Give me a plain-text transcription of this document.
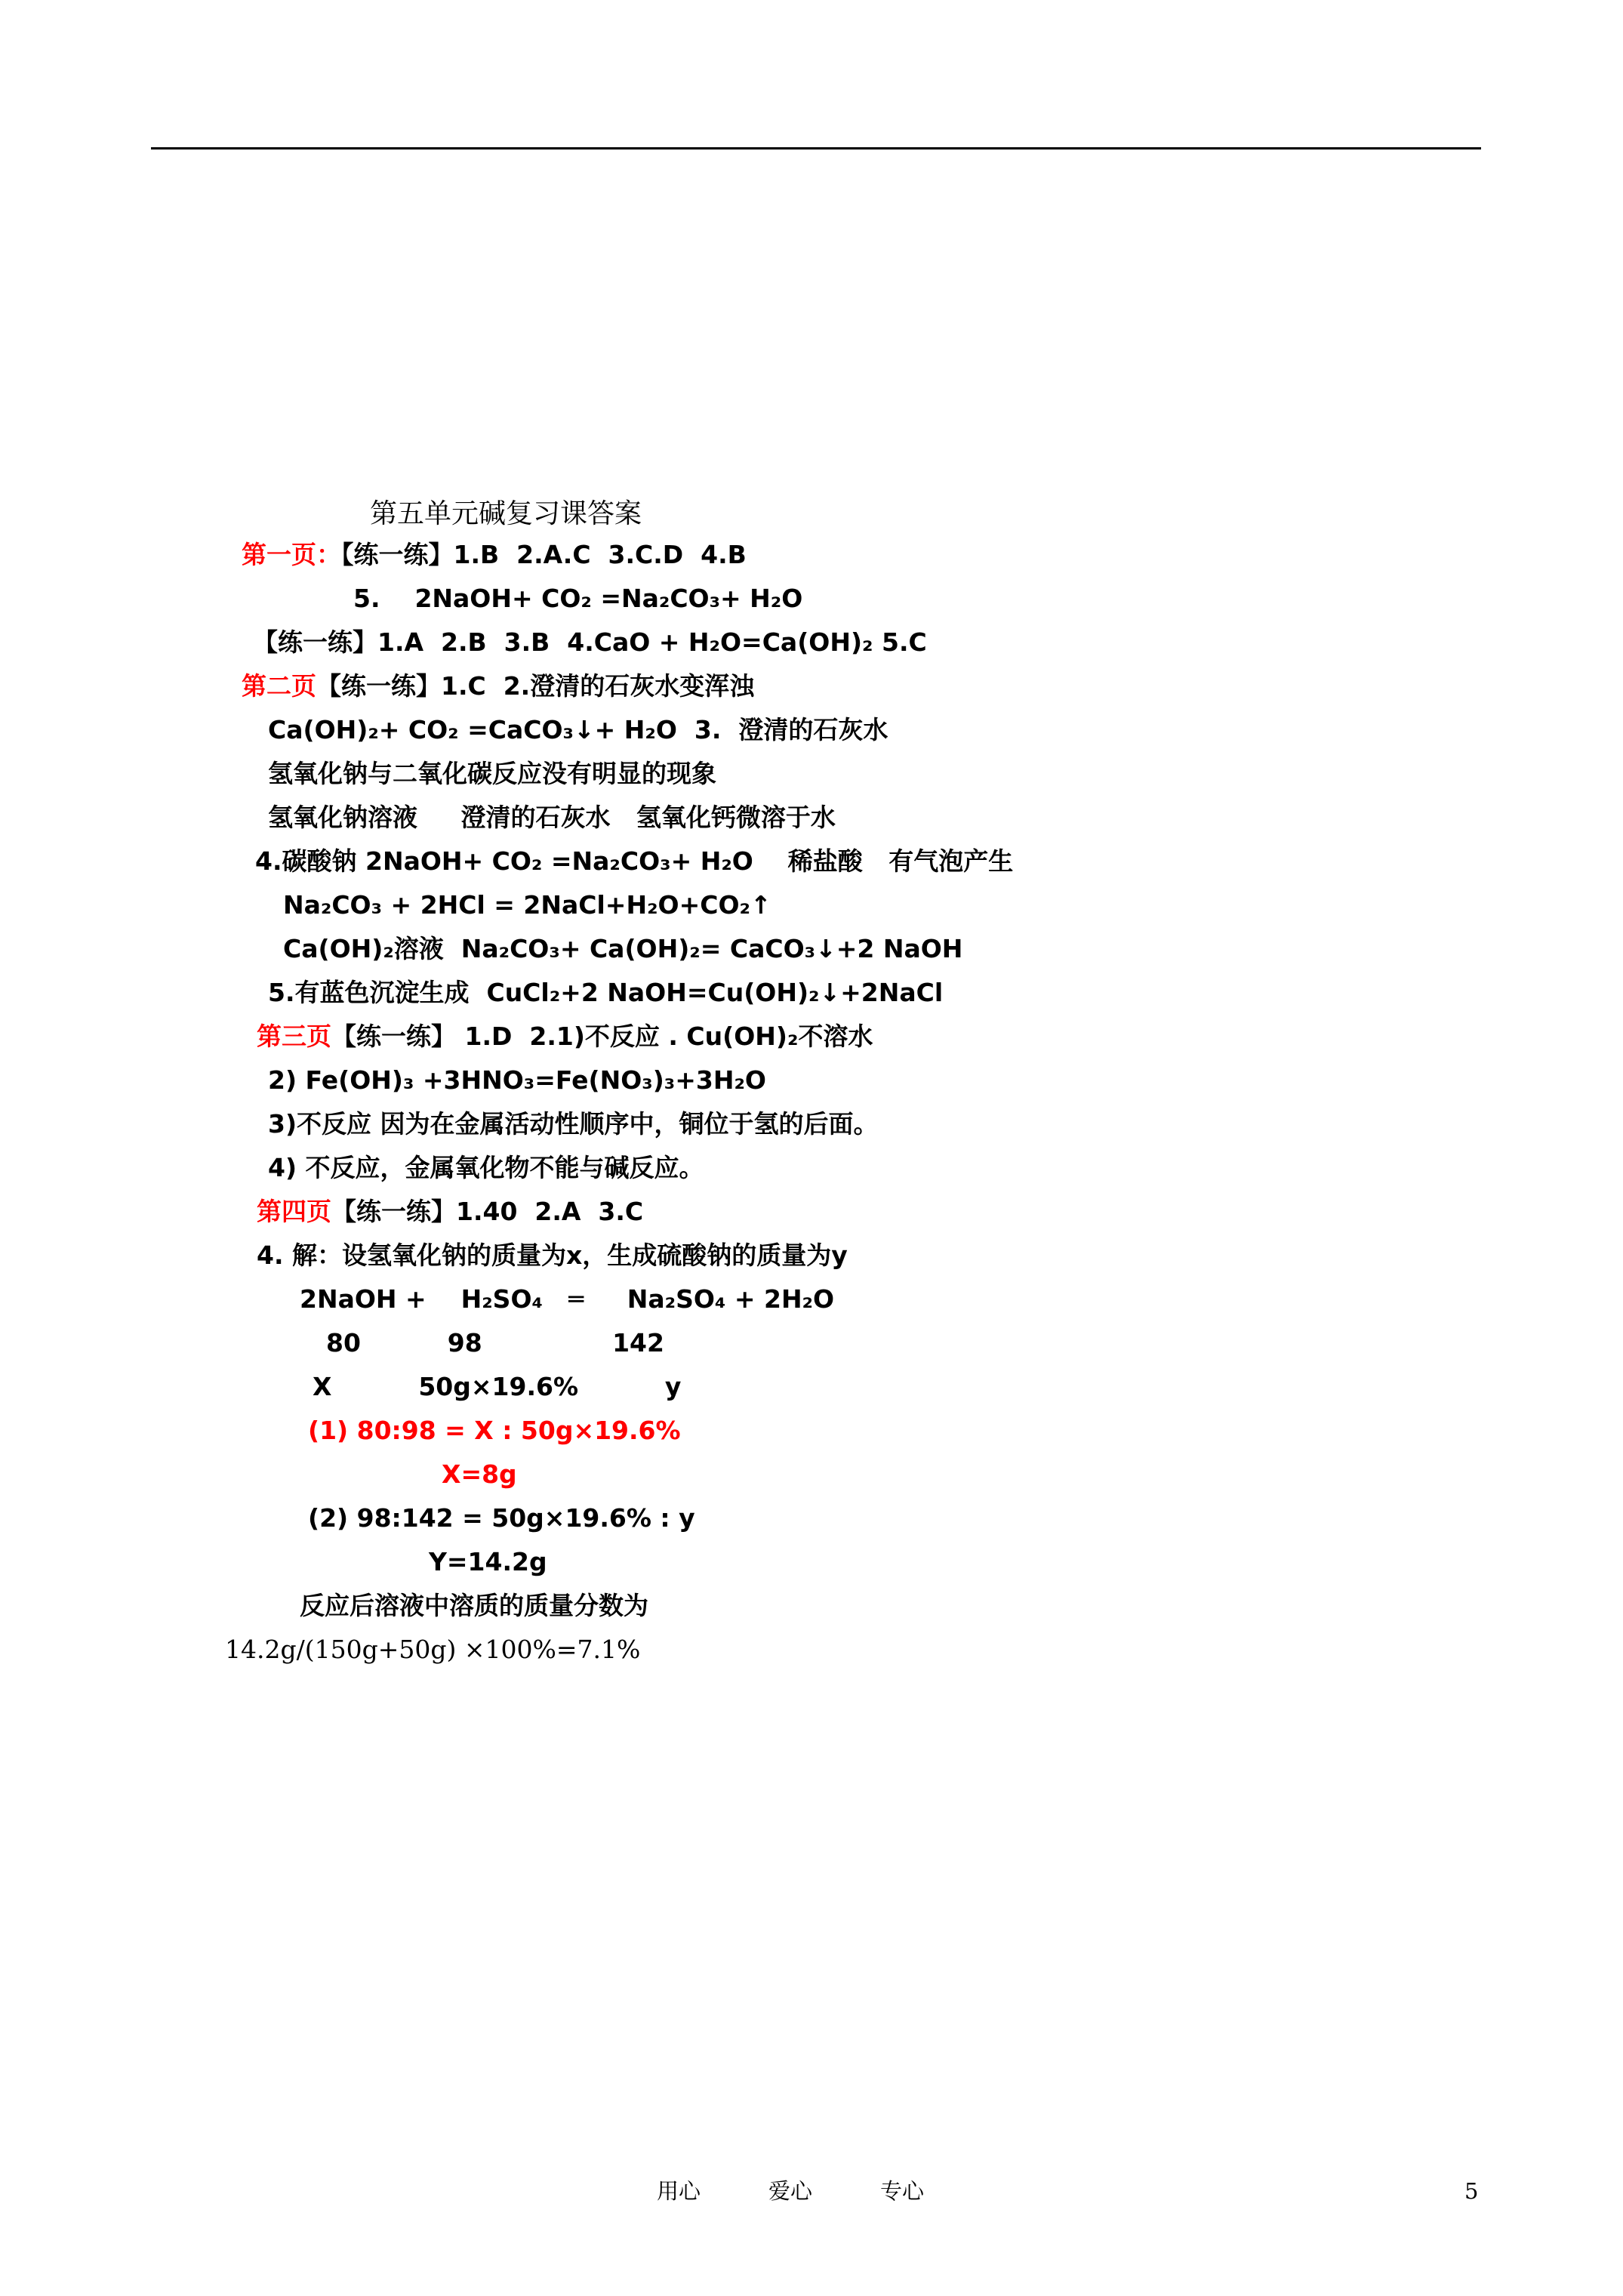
第五单元碱复习课答案
第一页：【练一练】1.B  2.A.C  3.C.D  4.B
5.    2NaOH+ CO₂ =Na₂CO₃+ H₂O
【练一练】1.A  2.B  3.B  4.CaO + H₂O=Ca(OH)₂ 5.C
第二页【练一练】1.C  2.澄清的石灰水变浑浊
Ca(OH)₂+ CO₂ =CaCO₃↓+ H₂O  3.  澄清的石灰水
氢氧化钠与二氧化碳反应没有明显的现象
氢氧化钠溶液     澄清的石灰水   氢氧化钙微溶于水
4.碳酸钠 2NaOH+ CO₂ =Na₂CO₃+ H₂O    稀盐酸   有气泡产生
Na₂CO₃ + 2HCl = 2NaCl+H₂O+CO₂↑
Ca(OH)₂溶液  Na₂CO₃+ Ca(OH)₂= CaCO₃↓+2 NaOH
5.有蓝色沉淀生成  CuCl₂+2 NaOH=Cu(OH)₂↓+2NaCl
第三页【练一练】 1.D  2.1)不反应 . Cu(OH)₂不溶水
2) Fe(OH)₃ +3HNO₃=Fe(NO₃)₃+3H₂O
3)不反应 因为在金属活动性顺序中，铜位于氢的后面。
4) 不反应，金属氧化物不能与碱反应。
第四页【练一练】1.40  2.A  3.C
4. 解：设氢氧化钠的质量为x，生成硫酸钠的质量为y
2NaOH +    H₂SO₄   ═     Na₂SO₄ + 2H₂O
80          98               142
X          50g×19.6%          y
(1) 80:98 = X : 50g×19.6%
X=8g
(2) 98:142 = 50g×19.6% : y
Y=14.2g
反应后溶液中溶质的质量分数为
14.2g/(150g+50g) ×100%=7.1%
用心	爱心	专心	5
